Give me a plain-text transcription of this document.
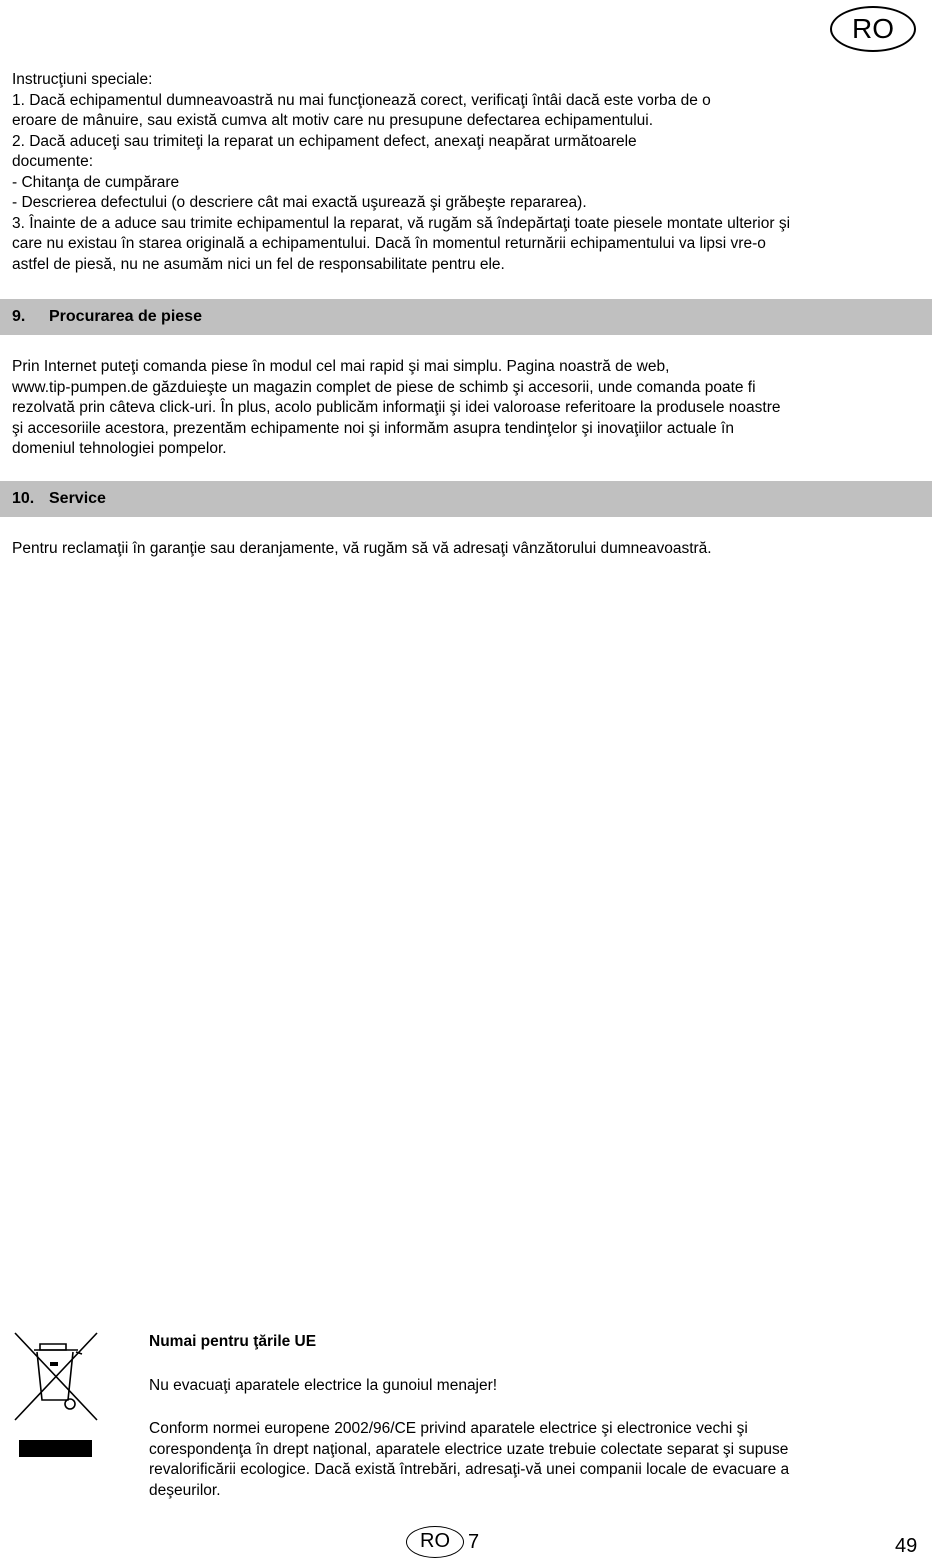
RO

Instrucţiuni speciale:

1. Dacă echipamentul dumneavoastră nu mai funcţionează corect, verificaţi întâi dacă este vorba de o

eroare de mânuire, sau există cumva alt motiv care nu presupune defectarea echipamentului.

2. Dacă aduceţi sau trimiteţi la reparat un echipament defect, anexaţi neapărat următoarele

documente:

- Chitanţa de cumpărare

- Descrierea defectului (o descriere cât mai exactă uşurează şi grăbeşte repararea).

3. Înainte de a aduce sau trimite echipamentul la reparat, vă rugăm să îndepărtaţi toate piesele montate ulterior şi

care nu existau în starea originală a echipamentului. Dacă în momentul returnării echipamentului va lipsi vre-o

astfel de piesă, nu ne asumăm nici un fel de responsabilitate pentru ele.

9. Procurarea de piese

Prin Internet puteţi comanda piese în modul cel mai rapid şi mai simplu. Pagina noastră de web,

www.tip-pumpen.de găzduieşte un magazin complet de piese de schimb şi accesorii, unde comanda poate fi

rezolvată prin câteva click-uri. În plus, acolo publicăm informaţii şi idei valoroase referitoare la produsele noastre

şi accesoriile acestora, prezentăm echipamente noi şi informăm asupra tendinţelor şi inovaţiilor actuale în

domeniul tehnologiei pompelor.

10. Service

Pentru reclamaţii în garanţie sau deranjamente, vă rugăm să vă adresaţi vânzătorului dumneavoastră.

Numai pentru ţările UE

Nu evacuaţi aparatele electrice la gunoiul menajer!

Conform normei europene 2002/96/CE privind aparatele electrice şi electronice vechi şi

corespondenţa în drept naţional, aparatele electrice uzate trebuie colectate separat şi supuse

revalorificării ecologice. Dacă există întrebări, adresaţi-vă unei companii locale de evacuare a

deşeurilor.

RO 7	49
